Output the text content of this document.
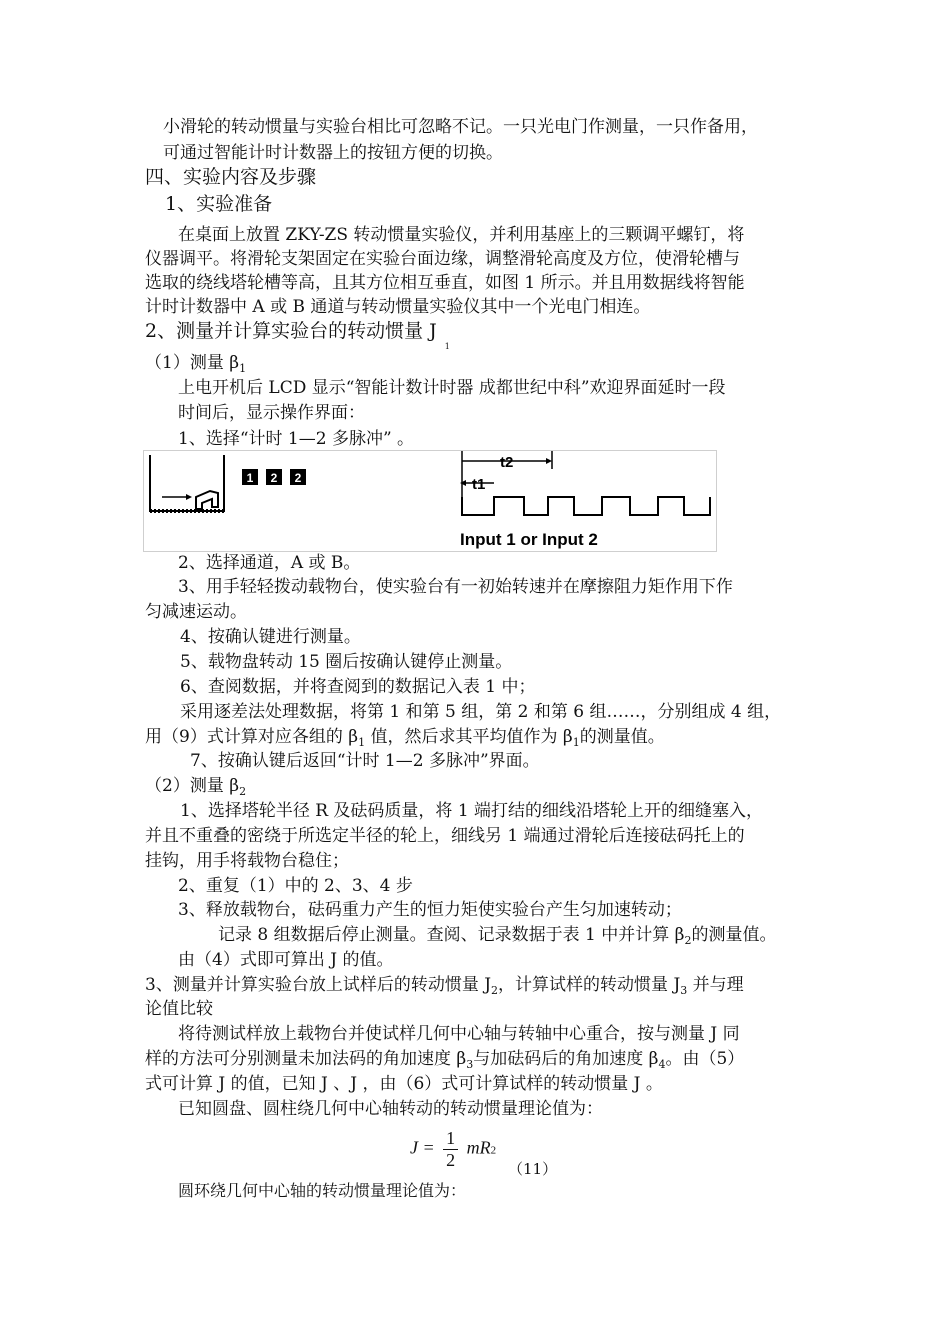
小滑轮的转动惯量与实验台相比可忽略不记。一只光电门作测量，一只作备用，
可通过智能计时计数器上的按钮方便的切换。
四、实验内容及步骤
1、实验准备
在桌面上放置 ZKY-ZS 转动惯量实验仪，并利用基座上的三颗调平螺钉，将
仪器调平。将滑轮支架固定在实验台面边缘，调整滑轮高度及方位，使滑轮槽与
选取的绕线塔轮槽等高，且其方位相互垂直，如图 1 所示。并且用数据线将智能
计时计数器中 A 或 B 通道与转动惯量实验仪其中一个光电门相连。
2、测量并计算实验台的转动惯量 $J_1$
（1）测量 $\beta_1$
上电开机后 LCD 显示“智能计数计时器 成都世纪中科”欢迎界面延时一段
时间后，显示操作界面：
1、选择“计时 1—2 多脉冲” 。
1 2 2
t2
t1
Input 1 or Input 2
2、选择通道，A 或 B。
3、用手轻轻拨动载物台，使实验台有一初始转速并在摩擦阻力矩作用下作
匀减速运动。
4、按确认键进行测量。
5、载物盘转动 15 圈后按确认键停止测量。
6、查阅数据，并将查阅到的数据记入表 1 中；
采用逐差法处理数据，将第 1 和第 5 组，第 2 和第 6 组……，分别组成 4 组，
用（9）式计算对应各组的 $\beta_1$ 值，然后求其平均值作为 $\beta_1$的测量值。
7、按确认键后返回“计时 1—2 多脉冲”界面。
（2）测量 $\beta_2$
1、选择塔轮半径 R 及砝码质量，将 1 端打结的细线沿塔轮上开的细缝塞入，
并且不重叠的密绕于所选定半径的轮上，细线另 1 端通过滑轮后连接砝码托上的
挂钩，用手将载物台稳住；
2、重复（1）中的 2、3、4 步
3、释放载物台，砝码重力产生的恒力矩使实验台产生匀加速转动；
记录 8 组数据后停止测量。查阅、记录数据于表 1 中并计算 $\beta_2$的测量值。
由（4）式即可算出 J 的值。
3、测量并计算实验台放上试样后的转动惯量 $J_2$，计算试样的转动惯量 $J_3$ 并与理
论值比较
将待测试样放上载物台并使试样几何中心轴与转轴中心重合，按与测量 J 同
样的方法可分别测量未加法码的角加速度 $\beta_3$与加砝码后的角加速度 $\beta_4$。由（5）
式可计算 J 的值，已知 J 、J ，由（6）式可计算试样的转动惯量 J 。
已知圆盘、圆柱绕几何中心轴转动的转动惯量理论值为：
$J = \frac{1}{2} mR2$
（11）
圆环绕几何中心轴的转动惯量理论值为：
